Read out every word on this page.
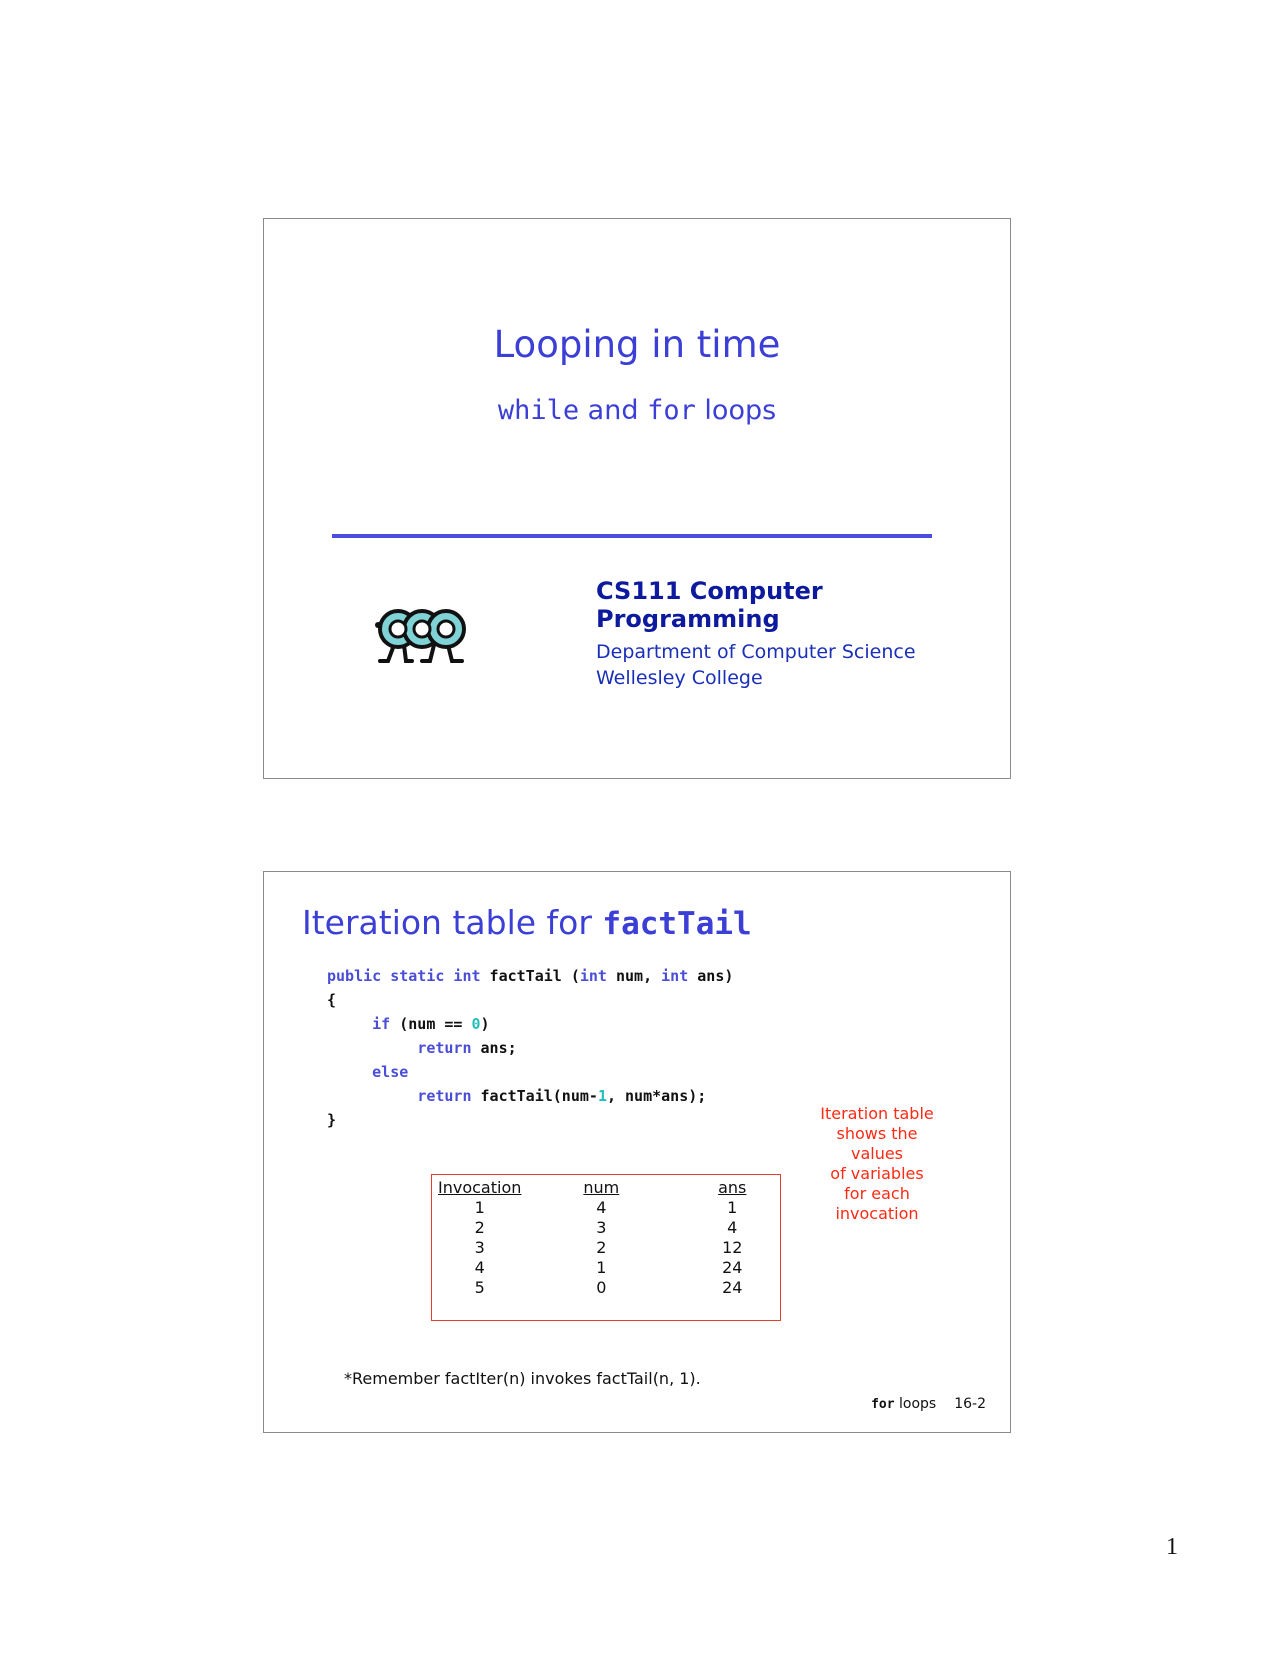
Looping in time
while and for loops
CS111 Computer Programming
Department of Computer Science
Wellesley College
Iteration table for factTail
public static int factTail (int num, int ans)
{
if (num == 0)
return ans;
else
return factTail(num-1, num*ans);
}	Iteration table
shows the values
of variables
for each invocation
Invocation		num		ans
1		4		1
2		3		4
3		2		12
4		1		24
5		0		24
*Remember factIter(n) invokes factTail(n, 1).
for loops 16-2
1
